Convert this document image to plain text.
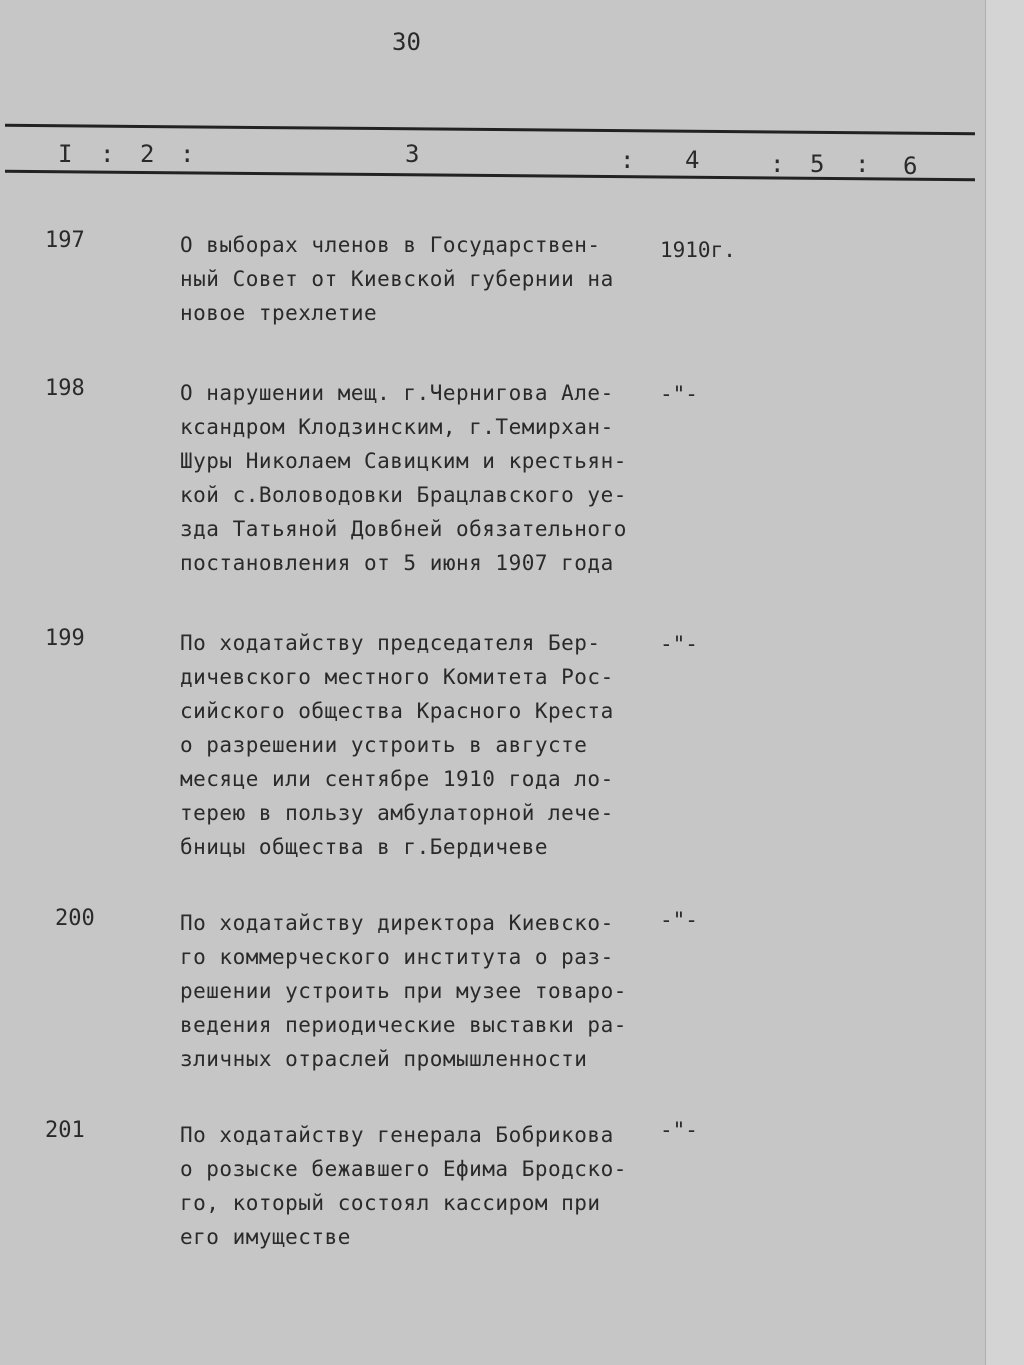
30
I : 2 :	3	: 4	: 5 : 6
197	О выборах членов в Государствен-
ный Совет от Киевской губернии на
новое трехлетие
1910г.
198	О нарушении мещ. г.Чернигова Але-
ксандром Клодзинским, г.Темирхан-
Шуры Николаем Савицким и крестьян-
кой с.Воловодовки Брацлавского уе-
зда Татьяной Довбней обязательного
постановления от 5 июня 1907 года
-"-
199	По ходатайству председателя Бер-
дичевского местного Комитета Рос-
сийского общества Красного Креста
о разрешении устроить в августе
месяце или сентябре 1910 года ло-
терею в пользу амбулаторной лече-
бницы общества в г.Бердичеве
-"-
200	По ходатайству директора Киевско-
го коммерческого института о раз-
решении устроить при музее товаро-
ведения периодические выставки ра-
зличных отраслей промышленности
-"-
201	По ходатайству генерала Бобрикова
о розыске бежавшего Ефима Бродско-
го, который состоял кассиром при
его имуществе
-"-
